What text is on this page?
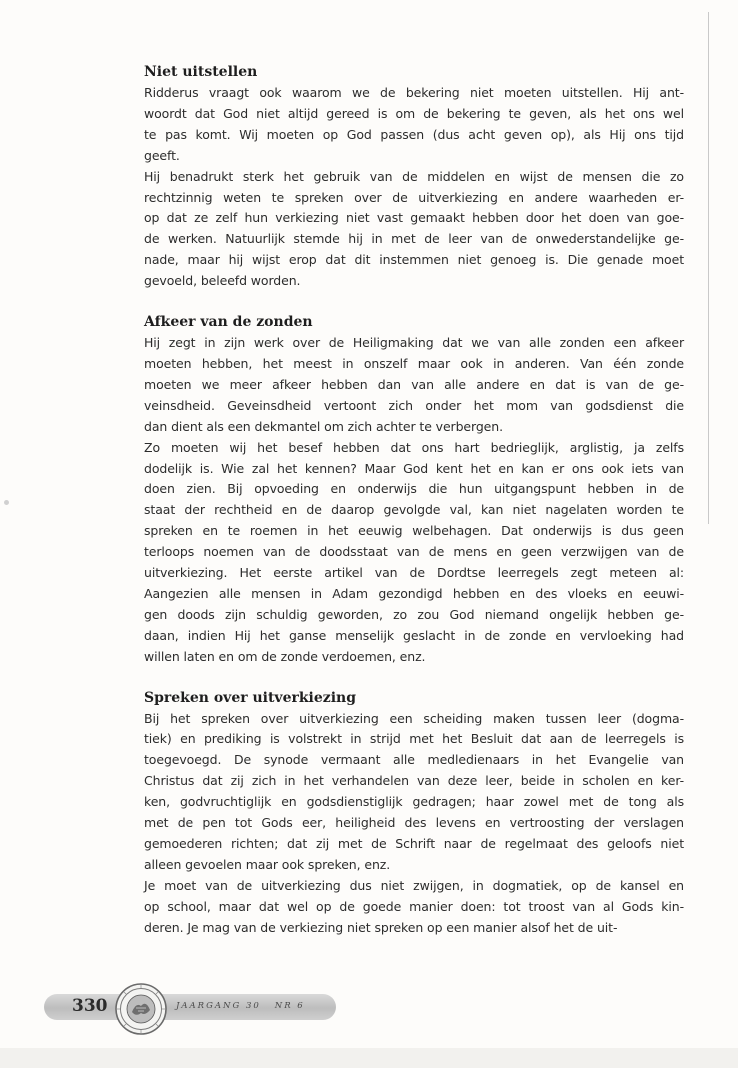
Niet uitstellen

Ridderus vraagt ook waarom we de bekering niet moeten uitstellen. Hij ant-
woordt dat God niet altijd gereed is om de bekering te geven, als het ons wel
te pas komt. Wij moeten op God passen (dus acht geven op), als Hij ons tijd
geeft.

Hij benadrukt sterk het gebruik van de middelen en wijst de mensen die zo
rechtzinnig weten te spreken over de uitverkiezing en andere waarheden er-
op dat ze zelf hun verkiezing niet vast gemaakt hebben door het doen van goe-
de werken. Natuurlijk stemde hij in met de leer van de onwederstandelijke ge-
nade, maar hij wijst erop dat dit instemmen niet genoeg is. Die genade moet
gevoeld, beleefd worden.

Afkeer van de zonden

Hij zegt in zijn werk over de Heiligmaking dat we van alle zonden een afkeer
moeten hebben, het meest in onszelf maar ook in anderen. Van één zonde
moeten we meer afkeer hebben dan van alle andere en dat is van de ge-
veinsdheid. Geveinsdheid vertoont zich onder het mom van godsdienst die
dan dient als een dekmantel om zich achter te verbergen.

Zo moeten wij het besef hebben dat ons hart bedrieglijk, arglistig, ja zelfs
dodelijk is. Wie zal het kennen? Maar God kent het en kan er ons ook iets van
doen zien. Bij opvoeding en onderwijs die hun uitgangspunt hebben in de
staat der rechtheid en de daarop gevolgde val, kan niet nagelaten worden te
spreken en te roemen in het eeuwig welbehagen. Dat onderwijs is dus geen
terloops noemen van de doodsstaat van de mens en geen verzwijgen van de
uitverkiezing. Het eerste artikel van de Dordtse leerregels zegt meteen al:
Aangezien alle mensen in Adam gezondigd hebben en des vloeks en eeuwi-
gen doods zijn schuldig geworden, zo zou God niemand ongelijk hebben ge-
daan, indien Hij het ganse menselijk geslacht in de zonde en vervloeking had
willen laten en om de zonde verdoemen, enz.

Spreken over uitverkiezing

Bij het spreken over uitverkiezing een scheiding maken tussen leer (dogma-
tiek) en prediking is volstrekt in strijd met het Besluit dat aan de leerregels is
toegevoegd. De synode vermaant alle medledienaars in het Evangelie van
Christus dat zij zich in het verhandelen van deze leer, beide in scholen en ker-
ken, godvruchtiglijk en godsdienstiglijk gedragen; haar zowel met de tong als
met de pen tot Gods eer, heiligheid des levens en vertroosting der verslagen
gemoederen richten; dat zij met de Schrift naar de regelmaat des geloofs niet
alleen gevoelen maar ook spreken, enz.

Je moet van de uitverkiezing dus niet zwijgen, in dogmatiek, op de kansel en
op school, maar dat wel op de goede manier doen: tot troost van al Gods kin-
deren. Je mag van de verkiezing niet spreken op een manier alsof het de uit-

330	JAARGANG 30 NR 6
